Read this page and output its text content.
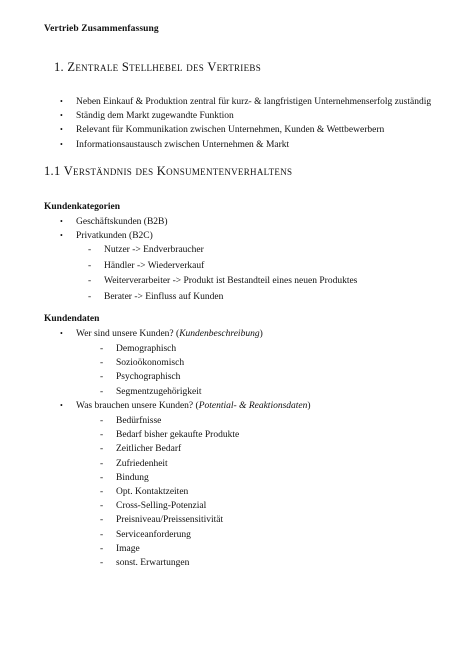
Vertrieb Zusammenfassung
1. Zentrale Stellhebel des Vertriebs
• Neben Einkauf & Produktion zentral für kurz- & langfristigen Unternehmenserfolg zuständig
• Ständig dem Markt zugewandte Funktion
• Relevant für Kommunikation zwischen Unternehmen, Kunden & Wettbewerbern
• Informationsaustausch zwischen Unternehmen & Markt
1.1 Verständnis des Konsumentenverhaltens
Kundenkategorien
• Geschäftskunden (B2B)
• Privatkunden (B2C)
- Nutzer -> Endverbraucher
- Händler -> Wiederverkauf
- Weiterverarbeiter -> Produkt ist Bestandteil eines neuen Produktes
- Berater -> Einfluss auf Kunden
Kundendaten
• Wer sind unsere Kunden? (Kundenbeschreibung)
- Demographisch
- Sozioökonomisch
- Psychographisch
- Segmentzugehörigkeit
• Was brauchen unsere Kunden? (Potential- & Reaktionsdaten)
- Bedürfnisse
- Bedarf bisher gekaufte Produkte
- Zeitlicher Bedarf
- Zufriedenheit
- Bindung
- Opt. Kontaktzeiten
- Cross-Selling-Potenzial
- Preisniveau/Preissensitivität
- Serviceanforderung
- Image
- sonst. Erwartungen
